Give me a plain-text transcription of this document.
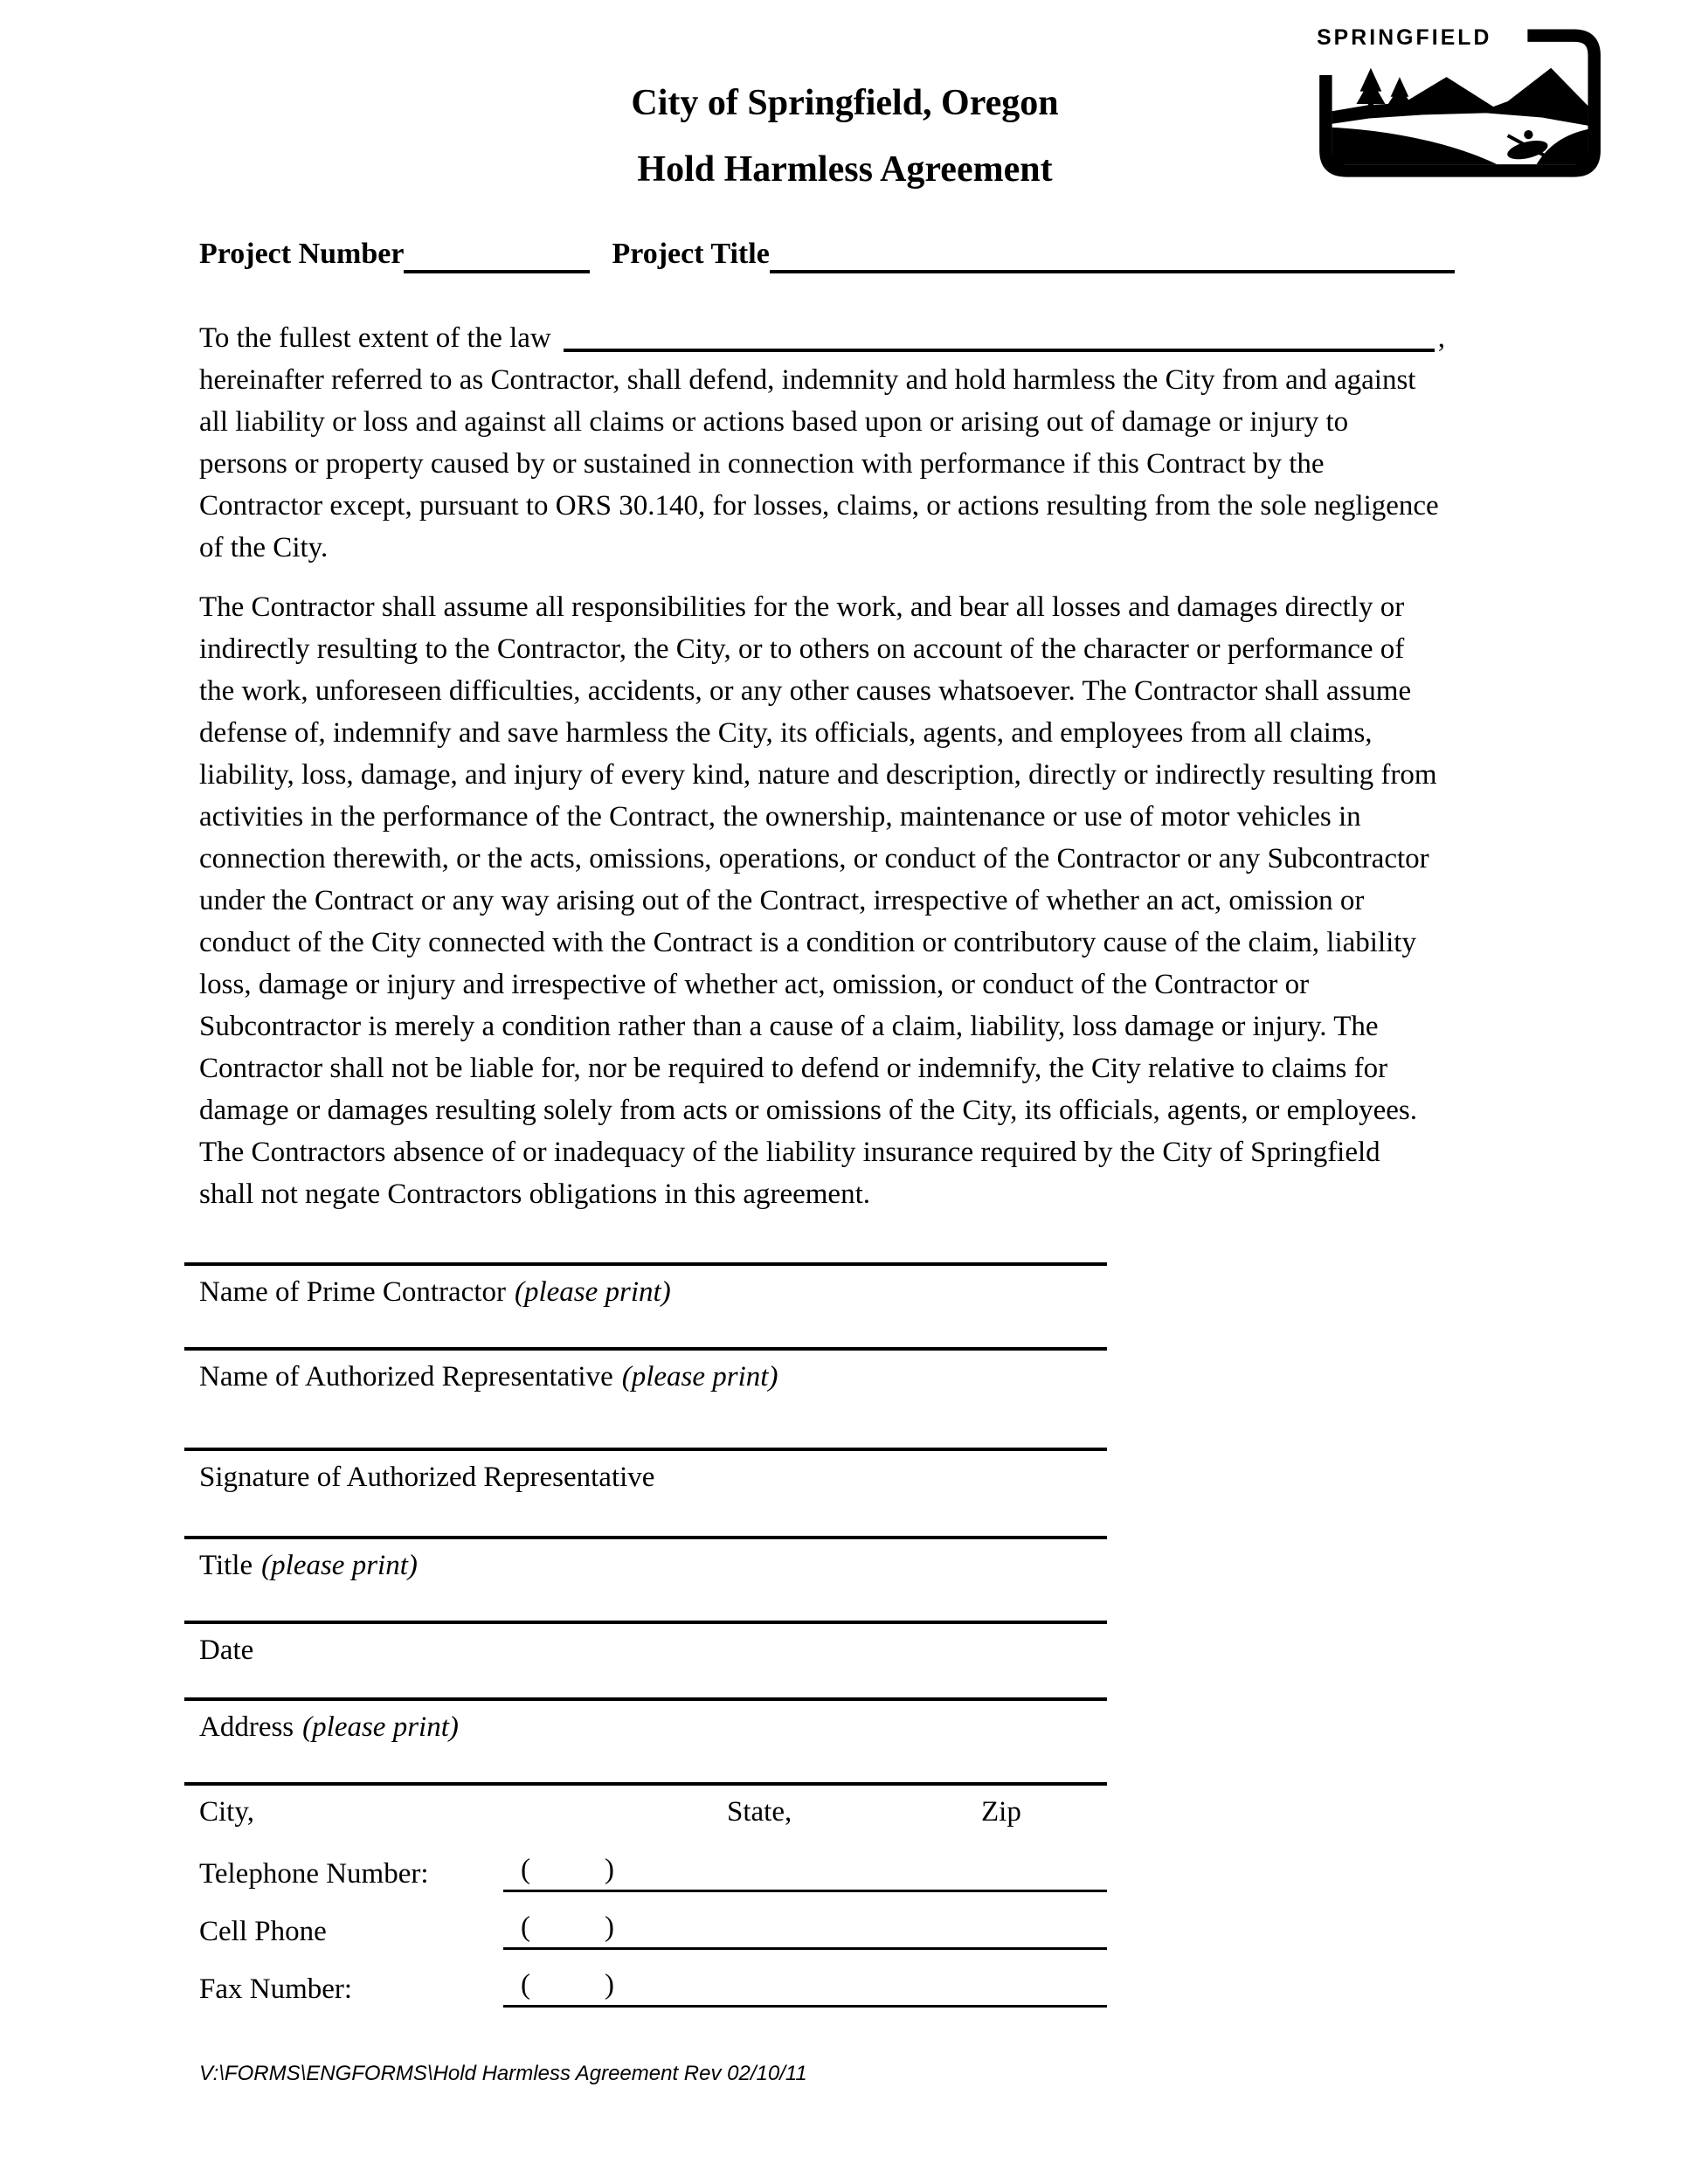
SPRINGFIELD
City of Springfield, Oregon
Hold Harmless Agreement
Project Number	Project Title
To the fullest extent of the law	,

hereinafter referred to as Contractor, shall defend, indemnity and hold harmless the City from and against all liability or loss and against all claims or actions based upon or arising out of damage or injury to persons or property caused by or sustained in connection with performance if this Contract by the Contractor except, pursuant to ORS 30.140, for losses, claims, or actions resulting from the sole negligence of the City.

The Contractor shall assume all responsibilities for the work, and bear all losses and damages directly or indirectly resulting to the Contractor, the City, or to others on account of the character or performance of the work, unforeseen difficulties, accidents, or any other causes whatsoever. The Contractor shall assume defense of, indemnify and save harmless the City, its officials, agents, and employees from all claims, liability, loss, damage, and injury of every kind, nature and description, directly or indirectly resulting from activities in the performance of the Contract, the ownership, maintenance or use of motor vehicles in connection therewith, or the acts, omissions, operations, or conduct of the Contractor or any Subcontractor under the Contract or any way arising out of the Contract, irrespective of whether an act, omission or conduct of the City connected with the Contract is a condition or contributory cause of the claim, liability loss, damage or injury and irrespective of whether act, omission, or conduct of the Contractor or Subcontractor is merely a condition rather than a cause of a claim, liability, loss damage or injury. The Contractor shall not be liable for, nor be required to defend or indemnify, the City relative to claims for damage or damages resulting solely from acts or omissions of the City, its officials, agents, or employees. The Contractors absence of or inadequacy of the liability insurance required by the City of Springfield shall not negate Contractors obligations in this agreement.

Name of Prime Contractor (please print)
Name of Authorized Representative (please print)
Signature of Authorized Representative
Title (please print)
Date
Address (please print)
City,	State,	Zip
Telephone Number:	(	)
Cell Phone	(	)
Fax Number:	(	)
V:\FORMS\ENGFORMS\Hold Harmless Agreement Rev 02/10/11
